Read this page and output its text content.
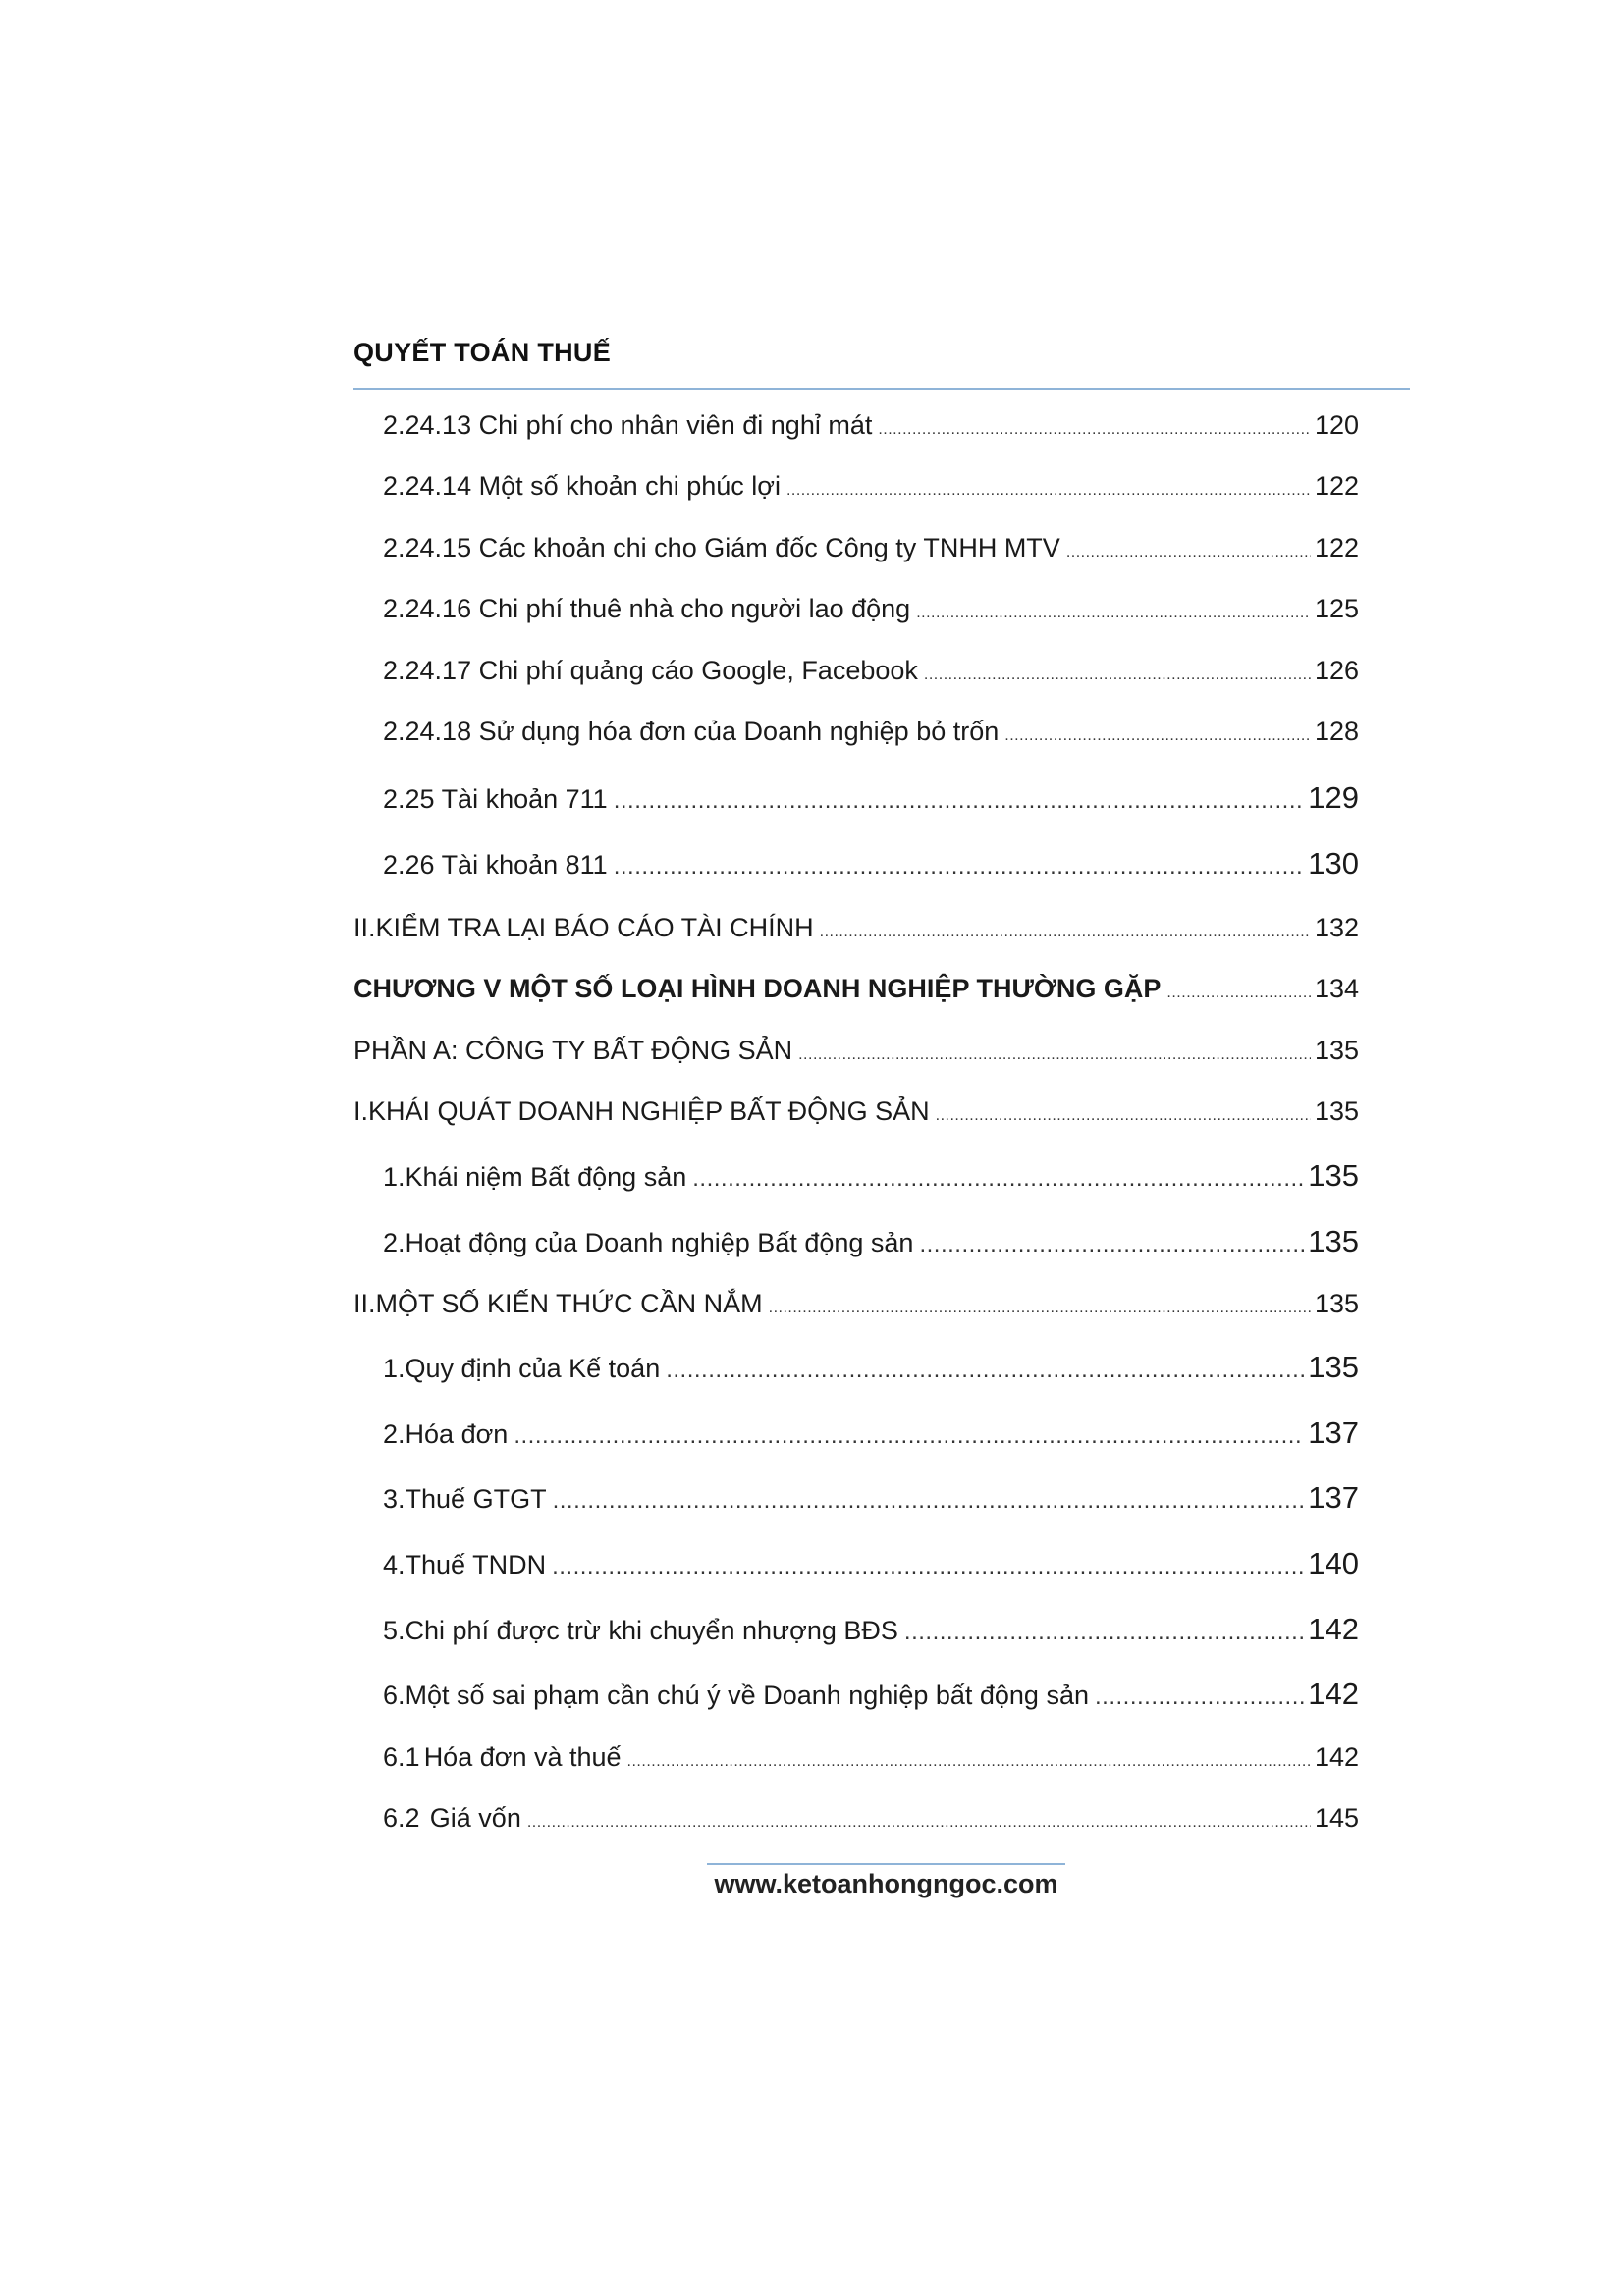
QUYẾT TOÁN THUẾ
2.24.13 Chi phí cho nhân viên đi nghỉ mát .....	120
2.24.14 Một số khoản chi phúc lợi .....	122
2.24.15 Các khoản chi cho Giám đốc Công ty TNHH MTV .....	122
2.24.16 Chi phí thuê nhà cho người lao động .....	125
2.24.17 Chi phí quảng cáo Google, Facebook .....	126
2.24.18 Sử dụng hóa đơn của Doanh nghiệp bỏ trốn .....	128
2.25 Tài khoản 711 .....	129
2.26 Tài khoản 811 .....	130
II. KIỂM TRA LẠI BÁO CÁO TÀI CHÍNH .....	132
CHƯƠNG V MỘT SỐ LOẠI HÌNH DOANH NGHIỆP THƯỜNG GẶP .....	134
PHẦN A: CÔNG TY BẤT ĐỘNG SẢN .....	135
I. KHÁI QUÁT DOANH NGHIỆP BẤT ĐỘNG SẢN .....	135
1. Khái niệm Bất động sản .....	135
2. Hoạt động của Doanh nghiệp Bất động sản .....	135
II. MỘT SỐ KIẾN THỨC CẦN NẮM .....	135
1. Quy định của Kế toán .....	135
2. Hóa đơn .....	137
3. Thuế GTGT .....	137
4. Thuế TNDN .....	140
5. Chi phí được trừ khi chuyển nhượng BĐS .....	142
6. Một số sai phạm cần chú ý về Doanh nghiệp bất động sản .....	142
6.1 Hóa đơn và thuế .....	142
6.2 Giá vốn .....	145
www.ketoanhongngoc.com
